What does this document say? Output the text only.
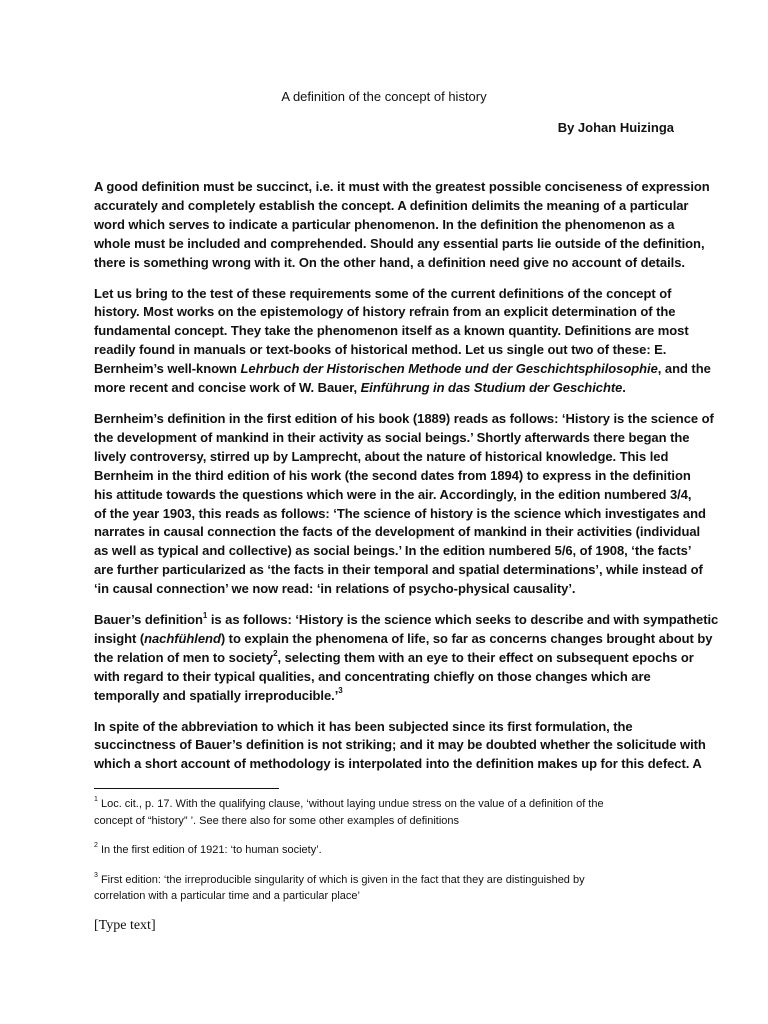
A definition of the concept of history
By Johan Huizinga

A good definition must be succinct, i.e. it must with the greatest possible conciseness of expression
accurately and completely establish the concept. A definition delimits the meaning of a particular
word which serves to indicate a particular phenomenon. In the definition the phenomenon as a
whole must be included and comprehended. Should any essential parts lie outside of the definition,
there is something wrong with it. On the other hand, a definition need give no account of details.

Let us bring to the test of these requirements some of the current definitions of the concept of
history. Most works on the epistemology of history refrain from an explicit determination of the
fundamental concept. They take the phenomenon itself as a known quantity. Definitions are most
readily found in manuals or text-books of historical method. Let us single out two of these: E.
Bernheim’s well-known Lehrbuch der Historischen Methode und der Geschichtsphilosophie, and the
more recent and concise work of W. Bauer, Einführung in das Studium der Geschichte.

Bernheim’s definition in the first edition of his book (1889) reads as follows: ‘History is the science of
the development of mankind in their activity as social beings.’ Shortly afterwards there began the
lively controversy, stirred up by Lamprecht, about the nature of historical knowledge. This led
Bernheim in the third edition of his work (the second dates from 1894) to express in the definition
his attitude towards the questions which were in the air. Accordingly, in the edition numbered 3/4,
of the year 1903, this reads as follows: ‘The science of history is the science which investigates and
narrates in causal connection the facts of the development of mankind in their activities (individual
as well as typical and collective) as social beings.’ In the edition numbered 5/6, of 1908, ‘the facts’
are further particularized as ‘the facts in their temporal and spatial determinations’, while instead of
‘in causal connection’ we now read: ‘in relations of psycho-physical causality’.

Bauer’s definition$^1$ is as follows: ‘History is the science which seeks to describe and with sympathetic
insight (nachfühlend) to explain the phenomena of life, so far as concerns changes brought about by
the relation of men to society$^2$, selecting them with an eye to their effect on subsequent epochs or
with regard to their typical qualities, and concentrating chiefly on those changes which are
temporally and spatially irreproducible.’$^3$

In spite of the abbreviation to which it has been subjected since its first formulation, the
succinctness of Bauer’s definition is not striking; and it may be doubted whether the solicitude with
which a short account of methodology is interpolated into the definition makes up for this defect. A

$^1$ Loc. cit., p. 17. With the qualifying clause, ‘without laying undue stress on the value of a definition of the
concept of “history” ’. See there also for some other examples of definitions

$^2$ In the first edition of 1921: ‘to human society’.

$^3$ First edition: ‘the irreproducible singularity of which is given in the fact that they are distinguished by
correlation with a particular time and a particular place’

[Type text]
